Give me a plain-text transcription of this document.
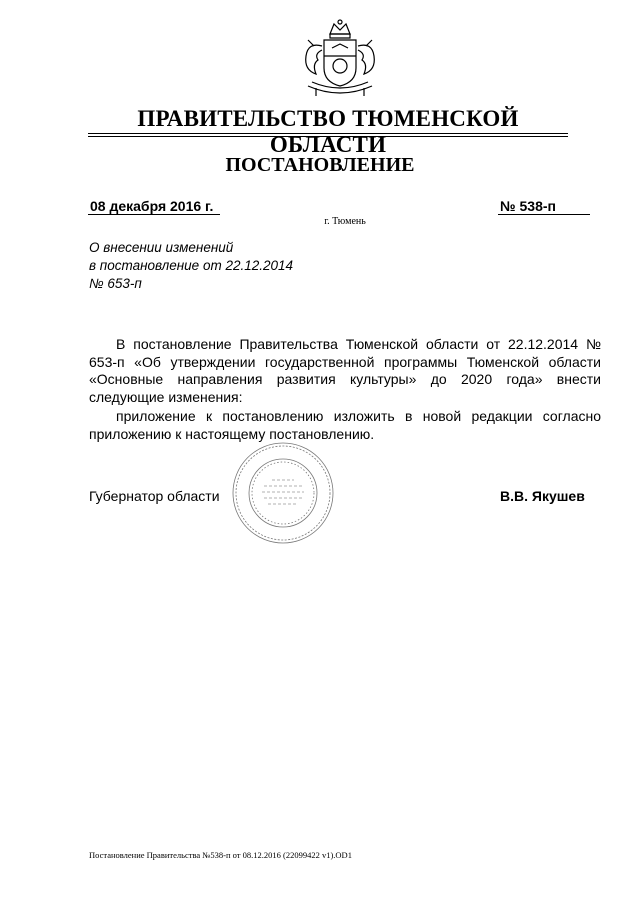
ПРАВИТЕЛЬСТВО ТЮМЕНСКОЙ ОБЛАСТИ
ПОСТАНОВЛЕНИЕ
08 декабря 2016 г.	№ 538-п
г. Тюмень
О внесении изменений
в постановление от 22.12.2014
№ 653-п
В постановление Правительства Тюменской области от 22.12.2014 № 653-п «Об утверждении государственной программы Тюменской области «Основные направления развития культуры» до 2020 года» внести следующие изменения:
приложение к постановлению изложить в новой редакции согласно приложению к настоящему постановлению.
Губернатор области	В.В. Якушев
Постановление Правительства №538-п от 08.12.2016 (22099422 v1).OD1
